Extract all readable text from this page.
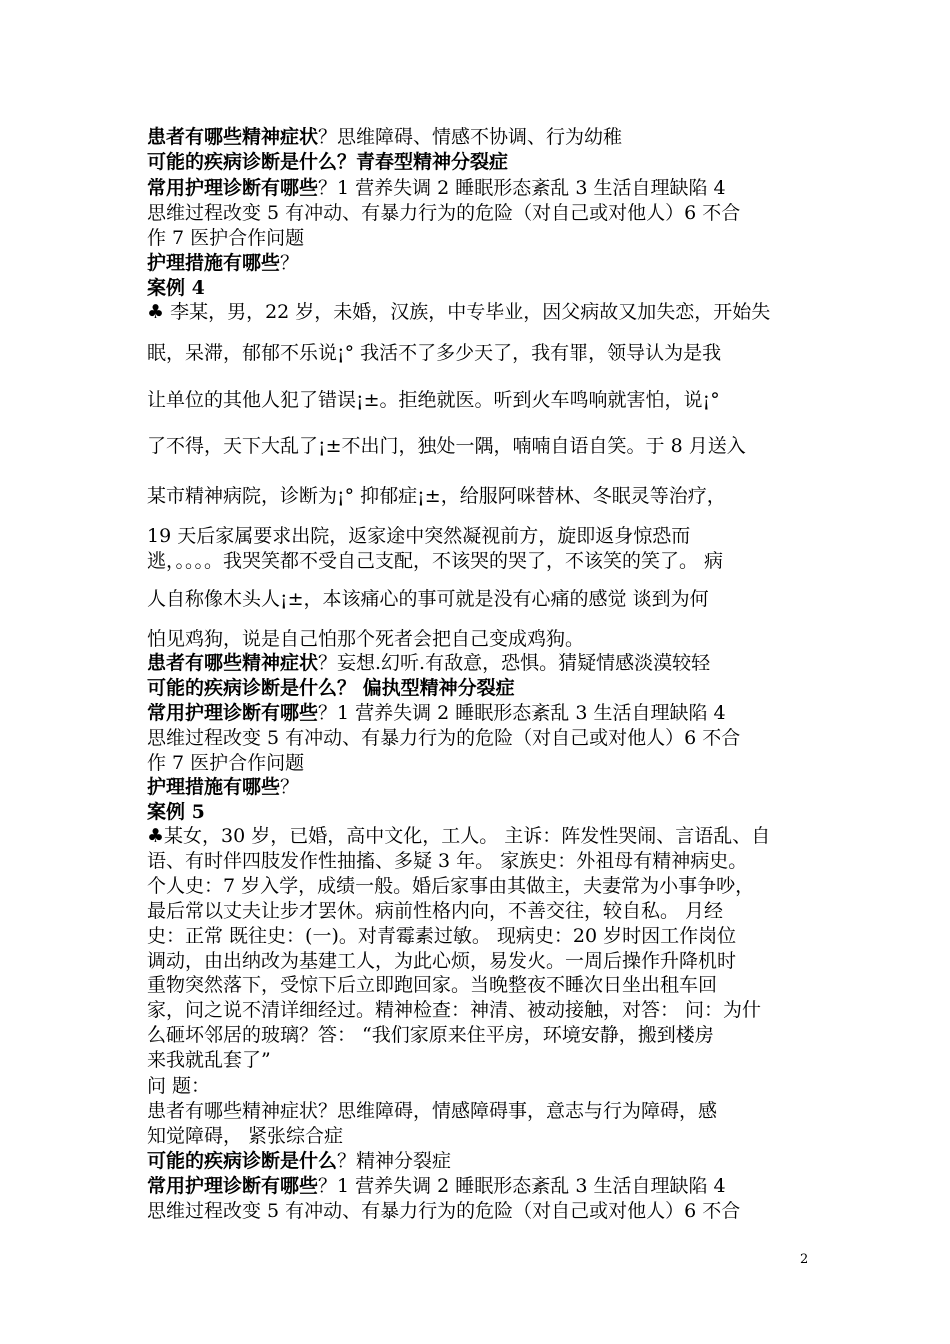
患者有哪些精神症状？思维障碍、情感不协调、行为幼稚
可能的疾病诊断是什么？青春型精神分裂症
常用护理诊断有哪些？1 营养失调 2 睡眠形态紊乱 3 生活自理缺陷 4
思维过程改变 5 有冲动、有暴力行为的危险（对自己或对他人）6 不合
作 7 医护合作问题
护理措施有哪些？
案例 4
♣ 李某，男，22 岁，未婚，汉族，中专毕业，因父病故又加失恋，开始失
眠，呆滞，郁郁不乐说¡° 我活不了多少天了，我有罪，领导认为是我
让单位的其他人犯了错误¡±。拒绝就医。听到火车鸣响就害怕，说¡°
了不得，天下大乱了¡±不出门，独处一隅，喃喃自语自笑。于 8 月送入
某市精神病院，诊断为¡° 抑郁症¡±，给服阿咪替林、冬眠灵等治疗，
19 天后家属要求出院，返家途中突然凝视前方，旋即返身惊恐而
逃，。。。。我哭笑都不受自己支配，不该哭的哭了，不该笑的笑了。 病
人自称像木头人¡±，本该痛心的事可就是没有心痛的感觉 谈到为何
怕见鸡狗，说是自己怕那个死者会把自己变成鸡狗。
患者有哪些精神症状？妄想.幻听.有敌意，恐惧。猜疑情感淡漠较轻
可能的疾病诊断是什么？ 偏执型精神分裂症
常用护理诊断有哪些？1 营养失调 2 睡眠形态紊乱 3 生活自理缺陷 4
思维过程改变 5 有冲动、有暴力行为的危险（对自己或对他人）6 不合
作 7 医护合作问题
护理措施有哪些？
案例 5
♣某女，30 岁，已婚，高中文化，工人。 主诉：阵发性哭闹、言语乱、自
语、有时伴四肢发作性抽搐、多疑 3 年。 家族史：外祖母有精神病史。
个人史：7 岁入学，成绩一般。婚后家事由其做主，夫妻常为小事争吵，
最后常以丈夫让步才罢休。病前性格内向，不善交往，较自私。 月经
史：正常 既往史：(一)。对青霉素过敏。 现病史：20 岁时因工作岗位
调动，由出纳改为基建工人，为此心烦，易发火。一周后操作升降机时
重物突然落下，受惊下后立即跑回家。当晚整夜不睡次日坐出租车回
家，问之说不清详细经过。精神检查：神清、被动接触，对答： 问：为什
么砸坏邻居的玻璃？答： “我们家原来住平房，环境安静，搬到楼房
来我就乱套了”
问 题：
患者有哪些精神症状？思维障碍，情感障碍事，意志与行为障碍，感
知觉障碍， 紧张综合症
可能的疾病诊断是什么？精神分裂症
常用护理诊断有哪些？1 营养失调 2 睡眠形态紊乱 3 生活自理缺陷 4
思维过程改变 5 有冲动、有暴力行为的危险（对自己或对他人）6 不合
2
